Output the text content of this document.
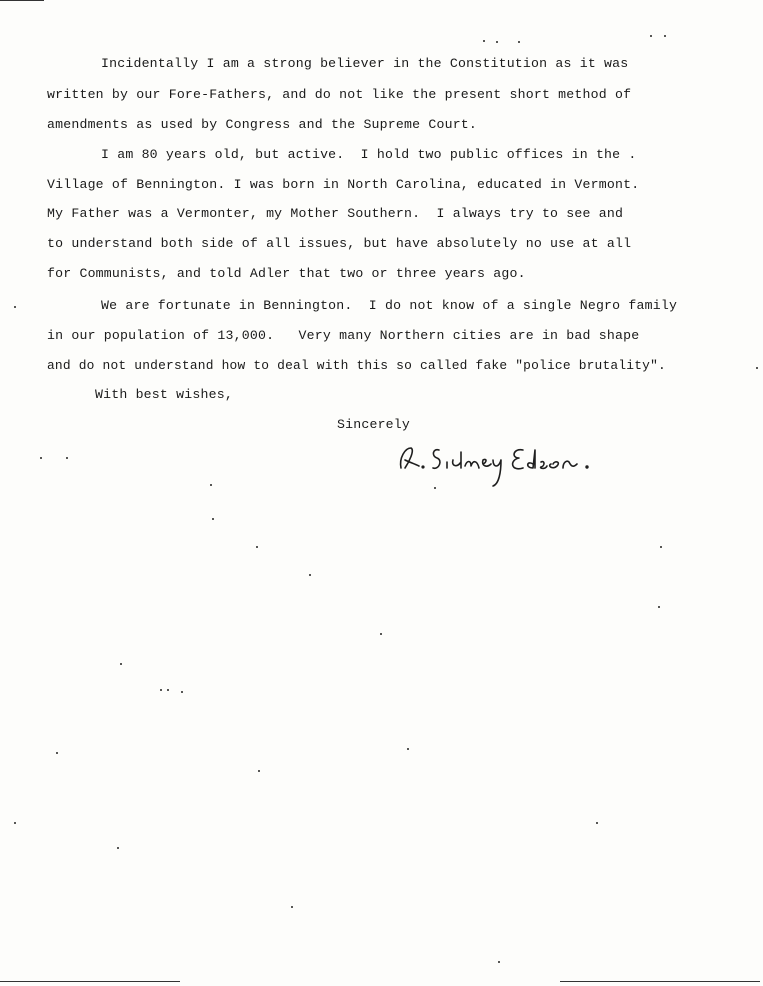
Incidentally I am a strong believer in the Constitution as it was
written by our Fore-Fathers, and do not like the present short method of
amendments as used by Congress and the Supreme Court.
I am 80 years old, but active.  I hold two public offices in the .
Village of Bennington. I was born in North Carolina, educated in Vermont.
My Father was a Vermonter, my Mother Southern.  I always try to see and
to understand both side of all issues, but have absolutely no use at all
for Communists, and told Adler that two or three years ago.
We are fortunate in Bennington.  I do not know of a single Negro family
in our population of 13,000.   Very many Northern cities are in bad shape
and do not understand how to deal with this so called fake "police brutality".
With best wishes,
Sincerely
